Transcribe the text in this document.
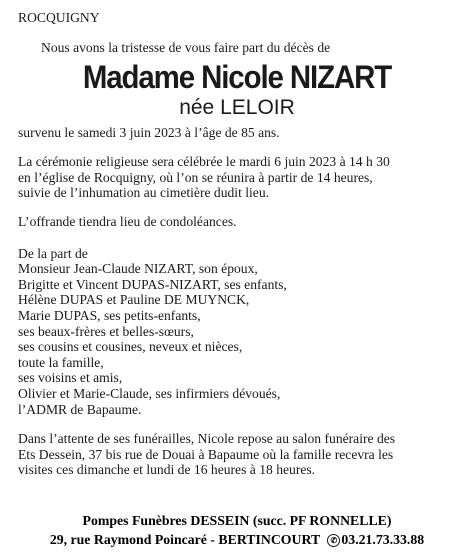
ROCQUIGNY
Nous avons la tristesse de vous faire part du décès de
Madame Nicole NIZART
née LELOIR
survenu le samedi 3 juin 2023 à l’âge de 85 ans.
La cérémonie religieuse sera célébrée le mardi 6 juin 2023 à 14 h 30
en l’église de Rocquigny, où l’on se réunira à partir de 14 heures,
suivie de l’inhumation au cimetière dudit lieu.
L’offrande tiendra lieu de condoléances.
De la part de
Monsieur Jean-Claude NIZART, son époux,
Brigitte et Vincent DUPAS-NIZART, ses enfants,
Hélène DUPAS et Pauline DE MUYNCK,
Marie DUPAS, ses petits-enfants,
ses beaux-frères et belles-sœurs,
ses cousins et cousines, neveux et nièces,
toute la famille,
ses voisins et amis,
Olivier et Marie-Claude, ses infirmiers dévoués,
l’ADMR de Bapaume.
Dans l’attente de ses funérailles, Nicole repose au salon funéraire des
Ets Dessein, 37 bis rue de Douai à Bapaume où la famille recevra les
visites ces dimanche et lundi de 16 heures à 18 heures.
Pompes Funèbres DESSEIN (succ. PF RONNELLE)
29, rue Raymond Poincaré - BERTINCOURT ✆ 03.21.73.33.88
